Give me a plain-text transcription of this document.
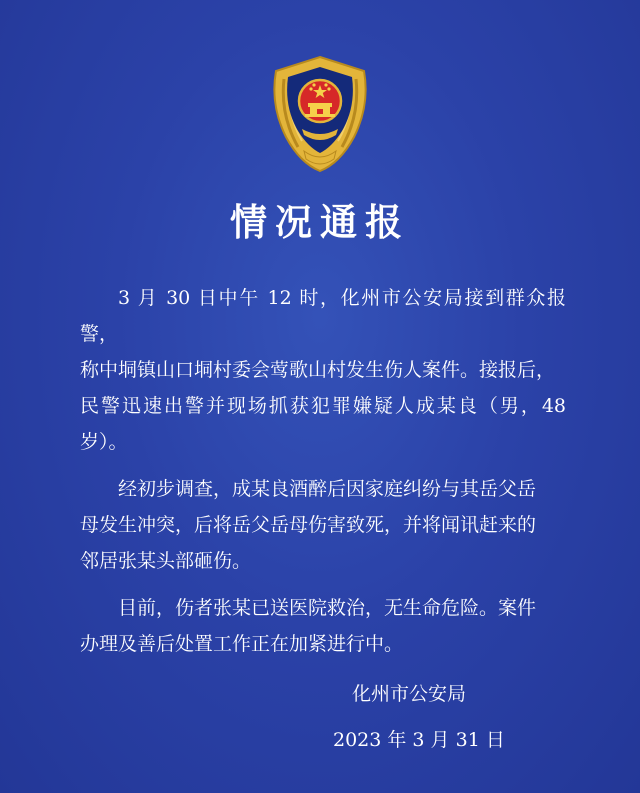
情况通报

3 月 30 日中午 12 时，化州市公安局接到群众报警，
称中垌镇山口垌村委会莺歌山村发生伤人案件。接报后，
民警迅速出警并现场抓获犯罪嫌疑人成某良（男，48 岁）。

经初步调查，成某良酒醉后因家庭纠纷与其岳父岳
母发生冲突，后将岳父岳母伤害致死，并将闻讯赶来的
邻居张某头部砸伤。

目前，伤者张某已送医院救治，无生命危险。案件
办理及善后处置工作正在加紧进行中。

化州市公安局
2023 年 3 月 31 日
